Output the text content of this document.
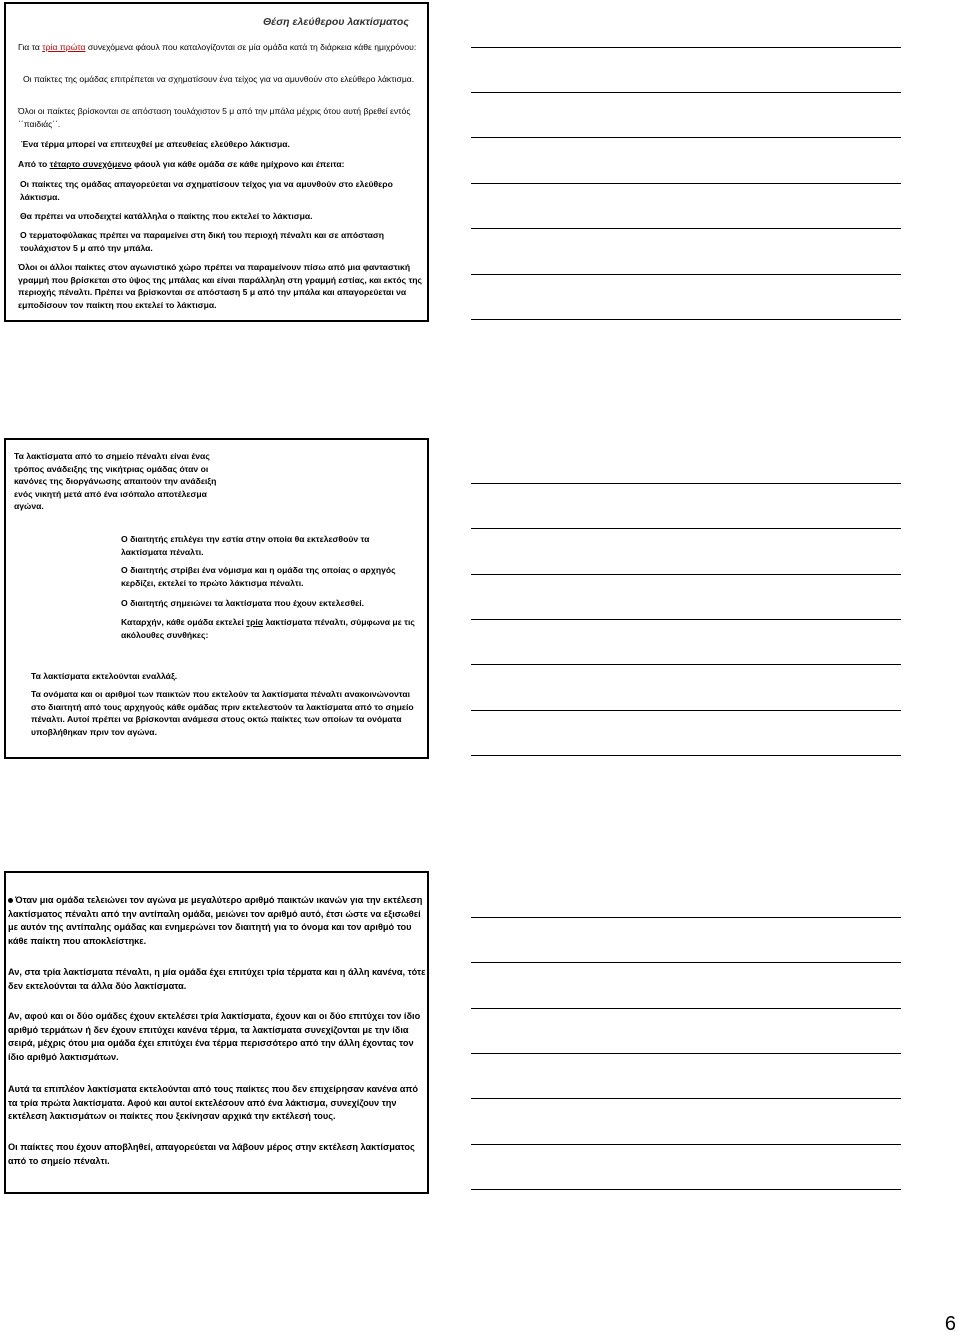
Θέση ελεύθερου λακτίσματος

Για τα τρία πρώτα συνεχόμενα φάουλ που καταλογίζονται σε μία ομάδα κατά τη διάρκεια κάθε ημιχρόνου:

Οι παίκτες της ομάδας επιτρέπεται να σχηματίσουν ένα τείχος για να αμυνθούν στο ελεύθερο λάκτισμα.

Όλοι οι παίκτες βρίσκονται σε απόσταση τουλάχιστον 5 μ από την μπάλα μέχρις ότου αυτή βρεθεί εντός ΄΄παιδιάς΄΄.

Ένα τέρμα μπορεί να επιτευχθεί με απευθείας ελεύθερο λάκτισμα.

Από το τέταρτο συνεχόμενο φάουλ για κάθε ομάδα σε κάθε ημίχρονο και έπειτα:

Οι παίκτες της ομάδας απαγορεύεται να σχηματίσουν τείχος για να αμυνθούν στο ελεύθερο λάκτισμα.

Θα πρέπει να υποδειχτεί κατάλληλα ο παίκτης που εκτελεί το λάκτισμα.

Ο τερματοφύλακας πρέπει να παραμείνει στη δική του περιοχή πέναλτι και σε απόσταση τουλάχιστον 5 μ από την μπάλα.

Όλοι οι άλλοι παίκτες στον αγωνιστικό χώρο πρέπει να παραμείνουν πίσω από μια φανταστική γραμμή που βρίσκεται στο ύψος της μπάλας και είναι παράλληλη στη γραμμή εστίας, και εκτός της περιοχής πέναλτι. Πρέπει να βρίσκονται σε απόσταση 5 μ από την μπάλα και απαγορεύεται να εμποδίσουν τον παίκτη που εκτελεί το λάκτισμα.

Τα λακτίσματα από το σημείο πέναλτι είναι ένας τρόπος ανάδειξης της νικήτριας ομάδας όταν οι κανόνες της διοργάνωσης απαιτούν την ανάδειξη ενός νικητή μετά από ένα ισόπαλο αποτέλεσμα αγώνα.

Ο διαιτητής επιλέγει την εστία στην οποία θα εκτελεσθούν τα λακτίσματα πέναλτι.

Ο διαιτητής στρίβει ένα νόμισμα και η ομάδα της οποίας ο αρχηγός κερδίζει, εκτελεί το πρώτο λάκτισμα πέναλτι.

Ο διαιτητής σημειώνει τα λακτίσματα που έχουν εκτελεσθεί.

Καταρχήν, κάθε ομάδα εκτελεί τρία λακτίσματα πέναλτι, σύμφωνα με τις ακόλουθες συνθήκες:

Τα λακτίσματα εκτελούνται εναλλάξ.

Τα ονόματα και οι αριθμοί των παικτών που εκτελούν τα λακτίσματα πέναλτι ανακοινώνονται στο διαιτητή από τους αρχηγούς κάθε ομάδας πριν εκτελεστούν τα λακτίσματα από το σημείο πέναλτι. Αυτοί πρέπει να βρίσκονται ανάμεσα στους οκτώ παίκτες των οποίων τα ονόματα υποβλήθηκαν πριν τον αγώνα.

Όταν μια ομάδα τελειώνει τον αγώνα με μεγαλύτερο αριθμό παικτών ικανών για την εκτέλεση λακτίσματος πέναλτι από την αντίπαλη ομάδα, μειώνει τον αριθμό αυτό, έτσι ώστε να εξισωθεί με αυτόν της αντίπαλης ομάδας και ενημερώνει τον διαιτητή για το όνομα και τον αριθμό του κάθε παίκτη που αποκλείστηκε.

Αν, στα τρία λακτίσματα πέναλτι, η μία ομάδα έχει επιτύχει τρία τέρματα και η άλλη κανένα, τότε δεν εκτελούνται τα άλλα δύο λακτίσματα.

Αν, αφού και οι δύο ομάδες έχουν εκτελέσει τρία λακτίσματα, έχουν και οι δύο επιτύχει τον ίδιο αριθμό τερμάτων ή δεν έχουν επιτύχει κανένα τέρμα, τα λακτίσματα συνεχίζονται με την ίδια σειρά, μέχρις ότου μια ομάδα έχει επιτύχει ένα τέρμα περισσότερο από την άλλη έχοντας τον ίδιο αριθμό λακτισμάτων.

Αυτά τα επιπλέον λακτίσματα εκτελούνται από τους παίκτες που δεν επιχείρησαν κανένα από τα τρία πρώτα λακτίσματα. Αφού και αυτοί εκτελέσουν από ένα λάκτισμα, συνεχίζουν την εκτέλεση λακτισμάτων οι παίκτες που ξεκίνησαν αρχικά την εκτέλεσή τους.

Οι παίκτες που έχουν αποβληθεί, απαγορεύεται να λάβουν μέρος στην εκτέλεση λακτίσματος από το σημείο πέναλτι.

6
